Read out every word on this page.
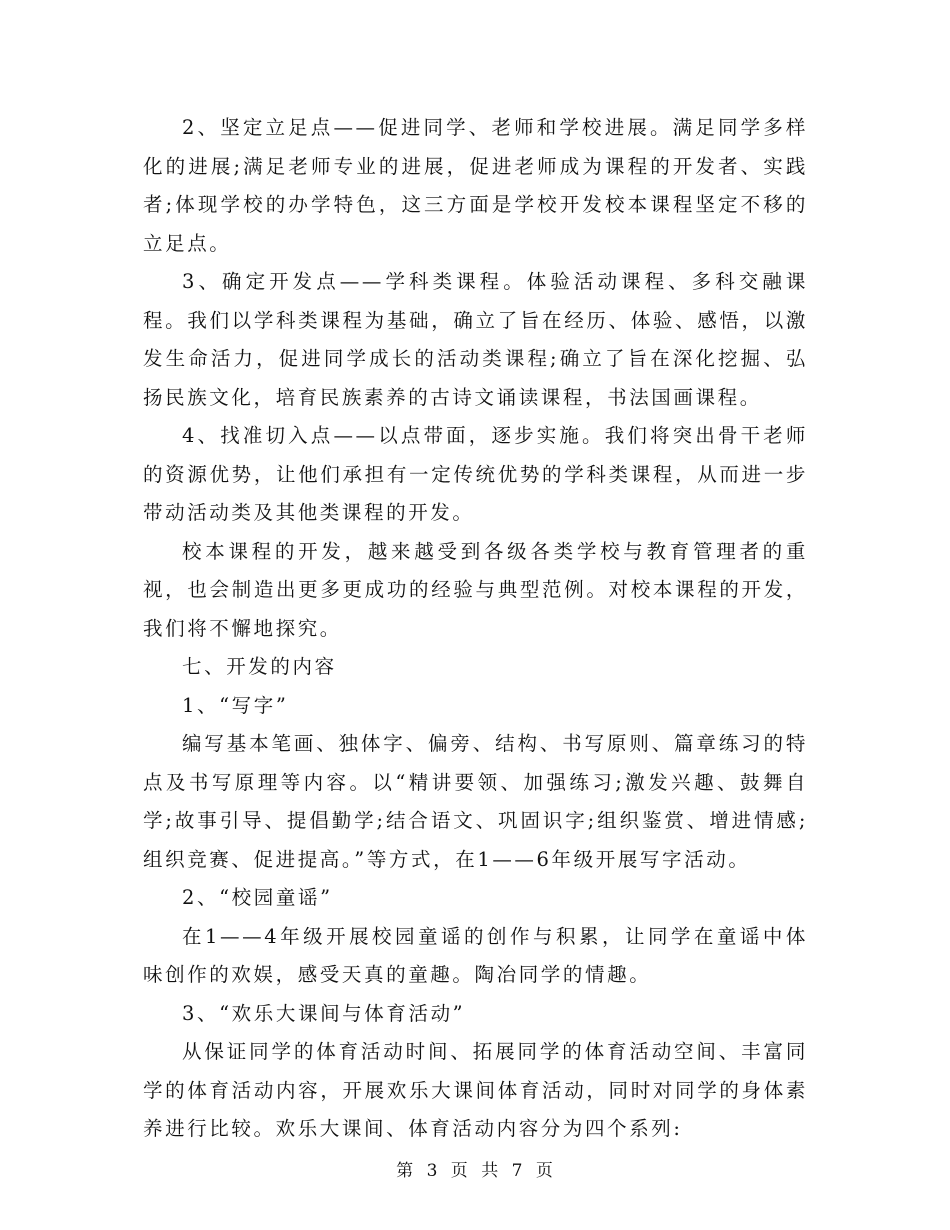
2、坚定立足点——促进同学、老师和学校进展。满足同学多样化的进展;满足老师专业的进展，促进老师成为课程的开发者、实践者;体现学校的办学特色，这三方面是学校开发校本课程坚定不移的立足点。

3、确定开发点——学科类课程。体验活动课程、多科交融课程。我们以学科类课程为基础，确立了旨在经历、体验、感悟，以激发生命活力，促进同学成长的活动类课程;确立了旨在深化挖掘、弘扬民族文化，培育民族素养的古诗文诵读课程，书法国画课程。

4、找准切入点——以点带面，逐步实施。我们将突出骨干老师的资源优势，让他们承担有一定传统优势的学科类课程，从而进一步带动活动类及其他类课程的开发。

校本课程的开发，越来越受到各级各类学校与教育管理者的重视，也会制造出更多更成功的经验与典型范例。对校本课程的开发，我们将不懈地探究。

七、开发的内容

1、“写字”

编写基本笔画、独体字、偏旁、结构、书写原则、篇章练习的特点及书写原理等内容。以“精讲要领、加强练习;激发兴趣、鼓舞自学;故事引导、提倡勤学;结合语文、巩固识字;组织鉴赏、增进情感;组织竞赛、促进提高。”等方式，在1——6年级开展写字活动。

2、“校园童谣”

在1——4年级开展校园童谣的创作与积累，让同学在童谣中体味创作的欢娱，感受天真的童趣。陶冶同学的情趣。

3、“欢乐大课间与体育活动”

从保证同学的体育活动时间、拓展同学的体育活动空间、丰富同学的体育活动内容，开展欢乐大课间体育活动，同时对同学的身体素养进行比较。欢乐大课间、体育活动内容分为四个系列:

第 3 页 共 7 页
